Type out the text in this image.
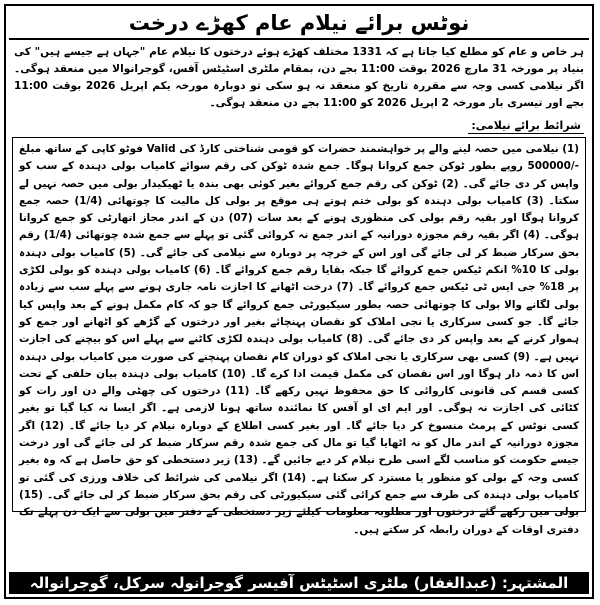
نوٹس برائے نیلام عام کھڑے درخت
ہر خاص و عام کو مطلع کیا جاتا ہے کہ 1331 مختلف کھڑے ہوئے درختوں کا نیلام عام "جہاں ہے جیسے ہیں" کی بنیاد پر مورخہ 31 مارچ 2026 بوقت 11:00 بجے دن، بمقام ملٹری اسٹیٹس آفس، گوجرانوالا میں منعقد ہوگی۔ اگر نیلامی کسی وجہ سے مقررہ تاریخ کو منعقد نہ ہو سکی تو دوبارہ مورخہ یکم اپریل 2026 بوقت 11:00 بجے اور تیسری بار مورخہ 2 اپریل 2026 کو 11:00 بجے دن منعقد ہوگی۔
شرائط برائے نیلامی:
(1) نیلامی میں حصہ لینے والے پر خواہشمند حضرات کو قومی شناختی کارڈ کی Valid فوٹو کاپی کے ساتھ مبلغ -/500000 روپے بطور ٹوکن جمع کروانا ہوگا۔ جمع شدہ ٹوکن کی رقم سوائے کامیاب بولی دہندہ کے سب کو واپس کر دی جائے گی۔ (2) ٹوکن کی رقم جمع کروائے بغیر کوئی بھی بندہ یا ٹھیکیدار بولی میں حصہ نہیں لے سکتا۔ (3) کامیاب بولی دہندہ کو بولی ختم ہوتے ہی موقع پر بولی کل مالیت کا چوتھائی (1/4) حصہ جمع کروانا ہوگا اور بقیہ رقم بولی کی منظوری ہونے کے بعد سات (07) دن کے اندر مجاز اتھارٹی کو جمع کروانا ہوگی۔ (4) اگر بقیہ رقم مجوزہ دورانیہ کے اندر جمع نہ کروائی گئی تو پہلے سے جمع شدہ چوتھائی (1/4) رقم بحق سرکار ضبط کر لی جائے گی اور اس کے خرچہ پر دوبارہ سے نیلامی کی جائے گی۔ (5) کامیاب بولی دہندہ بولی کا 10% انکم ٹیکس جمع کروائے گا جبکہ بقایا رقم جمع کروائے گا۔ (6) کامیاب بولی دہندہ کو بولی لکڑی پر 18% جی ایس ٹی ٹیکس جمع کروائے گا۔ (7) درخت اٹھانے کا اجازت نامہ جاری ہونے سے پہلے سب سے زیادہ بولی لگانے والا بولی کا چوتھائی حصہ بطور سیکیورٹی جمع کروائے گا جو کہ کام مکمل ہونے کے بعد واپس کیا جائے گا۔ جو کسی سرکاری یا نجی املاک کو نقصان پہنچائے بغیر اور درختوں کے گڑھے کو اٹھانے اور جمع کو ہموار کرنے کے بعد واپس کر دی جائے گی۔ (8) کامیاب بولی دہندہ لکڑی کاٹنے سے پہلے اس کو بیچنے کی اجازت نہیں ہے۔ (9) کسی بھی سرکاری یا نجی املاک کو دوران کام نقصان پہنچنے کی صورت میں کامیاب بولی دہندہ اس کا ذمہ دار ہوگا اور اس نقصان کی مکمل قیمت ادا کرے گا۔ (10) کامیاب بولی دہندہ بیان حلفی کے تحت کسی قسم کی قانونی کاروائی کا حق محفوظ نہیں رکھے گا۔ (11) درختوں کی چھٹی والے دن اور رات کو کٹائی کی اجازت نہ ہوگی۔ اور ایم ای او آفس کا نمائندہ ساتھ ہونا لازمی ہے۔ اگر ایسا نہ کیا گیا تو بغیر کسی نوٹس کے پرمٹ منسوخ کر دیا جائے گا۔ اور بغیر کسی اطلاع کے دوبارہ نیلام کر دیا جائے گا۔ (12) اگر مجوزہ دورانیہ کے اندر مال کو نہ اٹھایا گیا تو مال کی جمع شدہ رقم سرکار ضبط کر لی جائے گی اور درخت جیسے حکومت کو مناسب لگے اسی طرح نیلام کر دیے جائیں گے۔ (13) زیر دستخطی کو حق حاصل ہے کہ وہ بغیر کسی وجہ کے بولی کو منظور یا مسترد کر سکتا ہے۔ (14) اگر نیلامی کی شرائط کی خلاف ورزی کی گئی تو کامیاب بولی دہندہ کی طرف سے جمع کرائی گئی سیکیورٹی کی رقم بحق سرکار ضبط کر لی جائے گی۔ (15) بولی میں رکھے گئے درختوں اور مطلوبہ معلومات کیلئے زیر دستخطی کے دفتر میں بولی سے ایک دن پہلے تک دفتری اوقات کے دوران رابطہ کر سکتے ہیں۔
المشتہر: (عبدالغفار) ملٹری اسٹیٹس آفیسر گوجرانولہ سرکل، گوجرانوالہ
